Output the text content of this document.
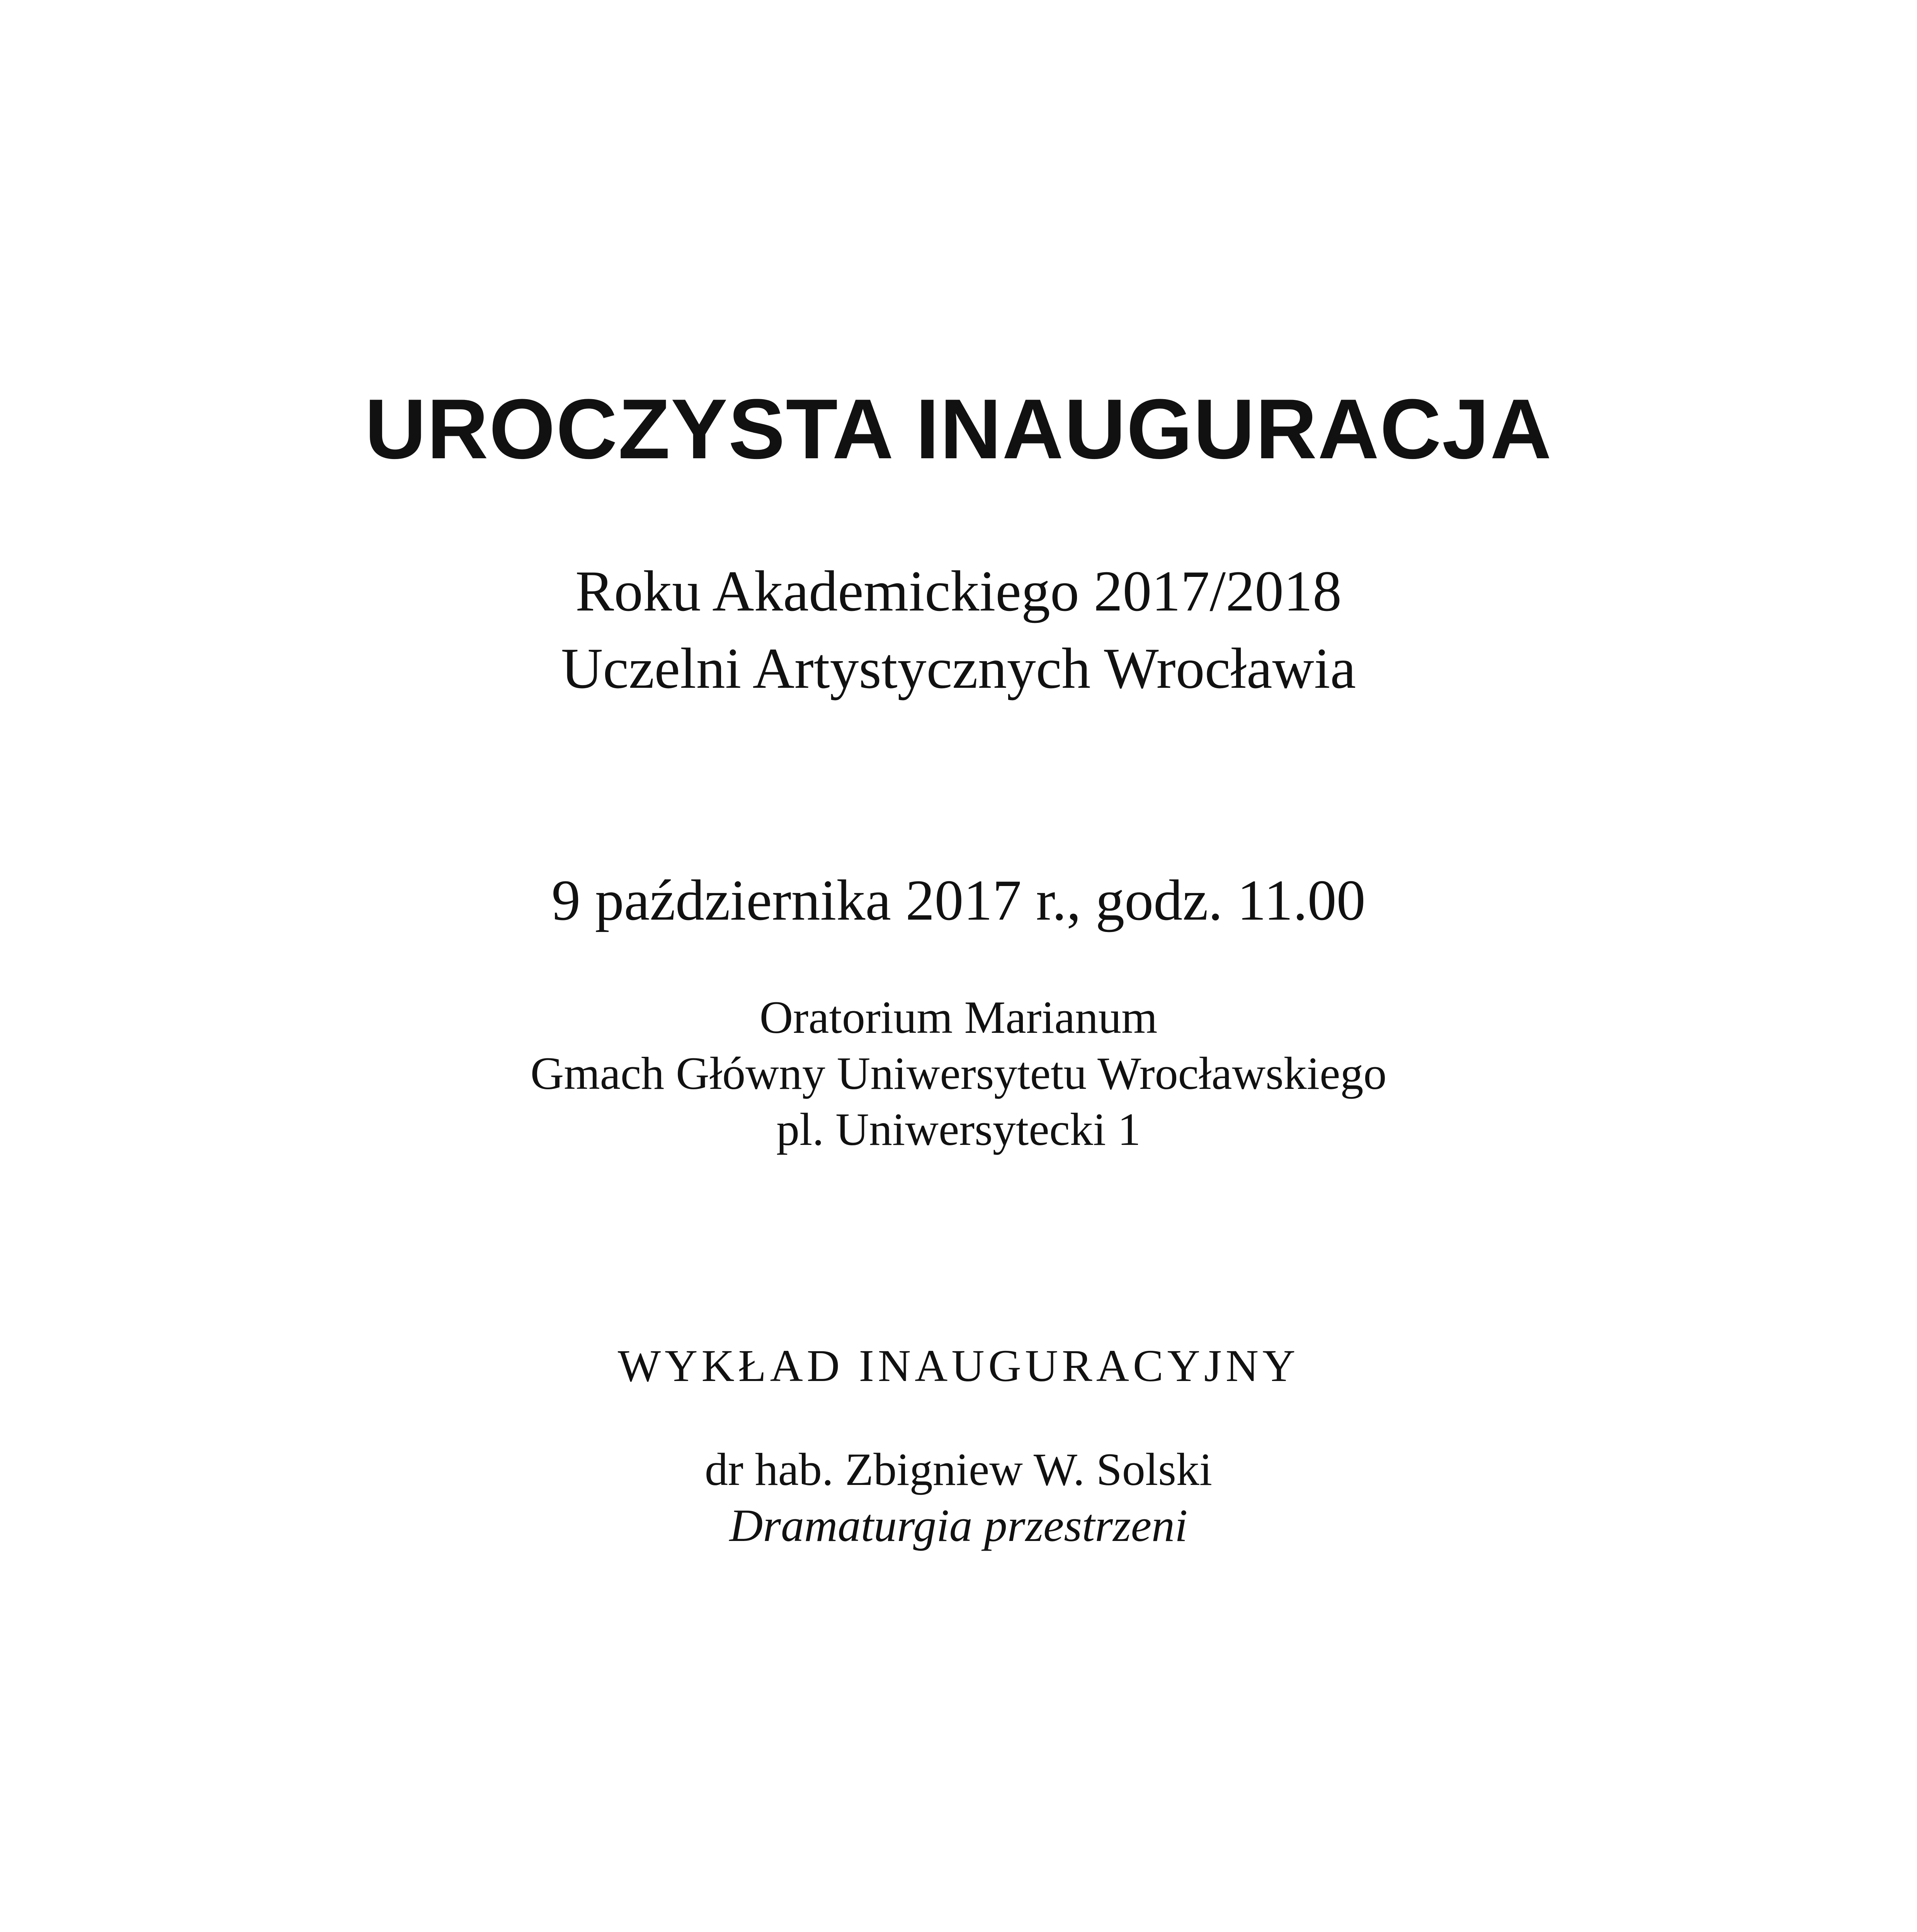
UROCZYSTA INAUGURACJA
Roku Akademickiego 2017/2018
Uczelni Artystycznych Wrocławia
9 października 2017 r., godz. 11.00
Oratorium Marianum
Gmach Główny Uniwersytetu Wrocławskiego
pl. Uniwersytecki 1
WYKŁAD INAUGURACYJNY
dr hab. Zbigniew W. Solski
Dramaturgia przestrzeni
